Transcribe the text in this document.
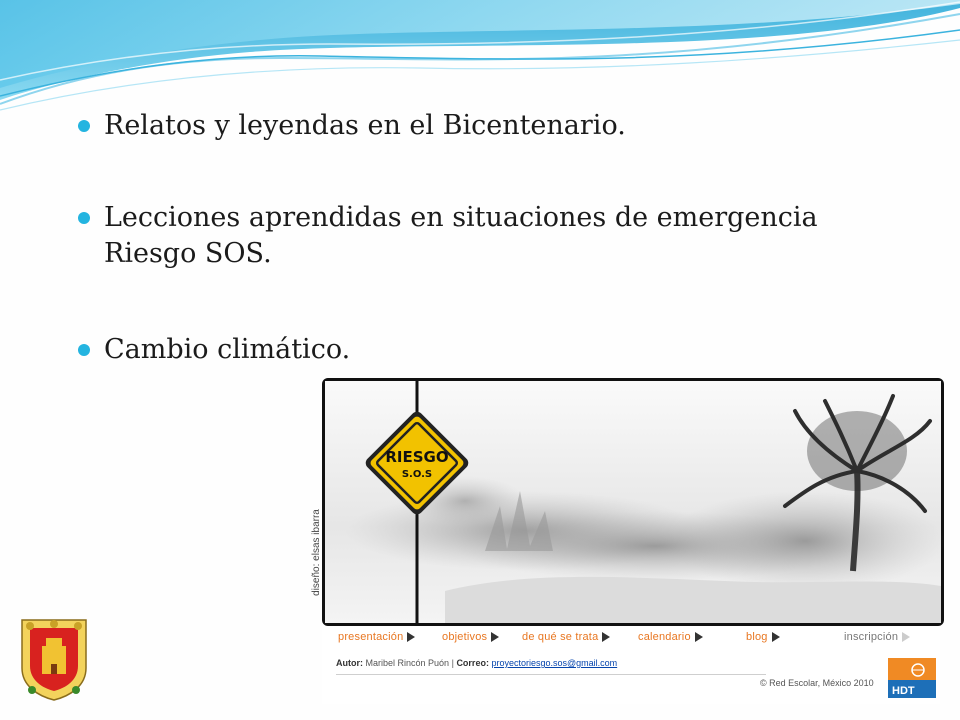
Relatos y leyendas en el Bicentenario.
Lecciones aprendidas en situaciones de emergencia Riesgo SOS.
Cambio climático.
RIESGO
S.O.S
diseño: elsas ibarra
presentación	objetivos	de qué se trata	calendario	blog	inscripción
Autor: Maribel Rincón Puón | Correo: proyectoriesgo.sos@gmail.com
© Red Escolar, México 2010
HDT
